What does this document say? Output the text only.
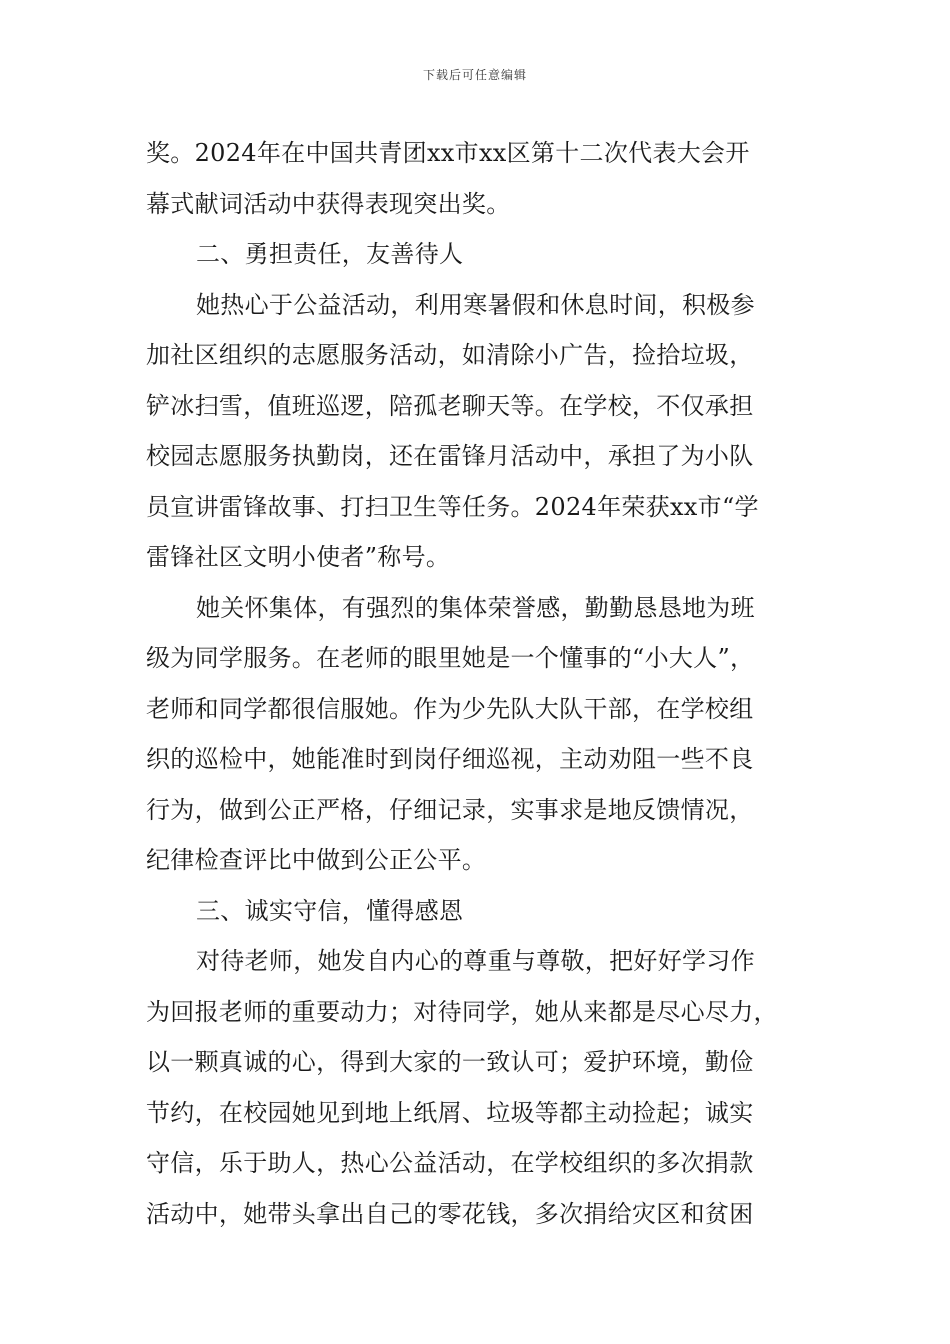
下载后可任意编辑
奖。2024年在中国共青团xx市xx区第十二次代表大会开
幕式献词活动中获得表现突出奖。
二、勇担责任，友善待人
她热心于公益活动，利用寒暑假和休息时间，积极参
加社区组织的志愿服务活动，如清除小广告，捡拾垃圾，
铲冰扫雪，值班巡逻，陪孤老聊天等。在学校，不仅承担
校园志愿服务执勤岗，还在雷锋月活动中，承担了为小队
员宣讲雷锋故事、打扫卫生等任务。2024年荣获xx市“学
雷锋社区文明小使者”称号。
她关怀集体，有强烈的集体荣誉感，勤勤恳恳地为班
级为同学服务。在老师的眼里她是一个懂事的“小大人”，
老师和同学都很信服她。作为少先队大队干部，在学校组
织的巡检中，她能准时到岗仔细巡视，主动劝阻一些不良
行为，做到公正严格，仔细记录，实事求是地反馈情况，
纪律检查评比中做到公正公平。
三、诚实守信，懂得感恩
对待老师，她发自内心的尊重与尊敬，把好好学习作
为回报老师的重要动力；对待同学，她从来都是尽心尽力，
以一颗真诚的心，得到大家的一致认可；爱护环境，勤俭
节约，在校园她见到地上纸屑、垃圾等都主动捡起；诚实
守信，乐于助人，热心公益活动，在学校组织的多次捐款
活动中，她带头拿出自己的零花钱，多次捐给灾区和贫困
